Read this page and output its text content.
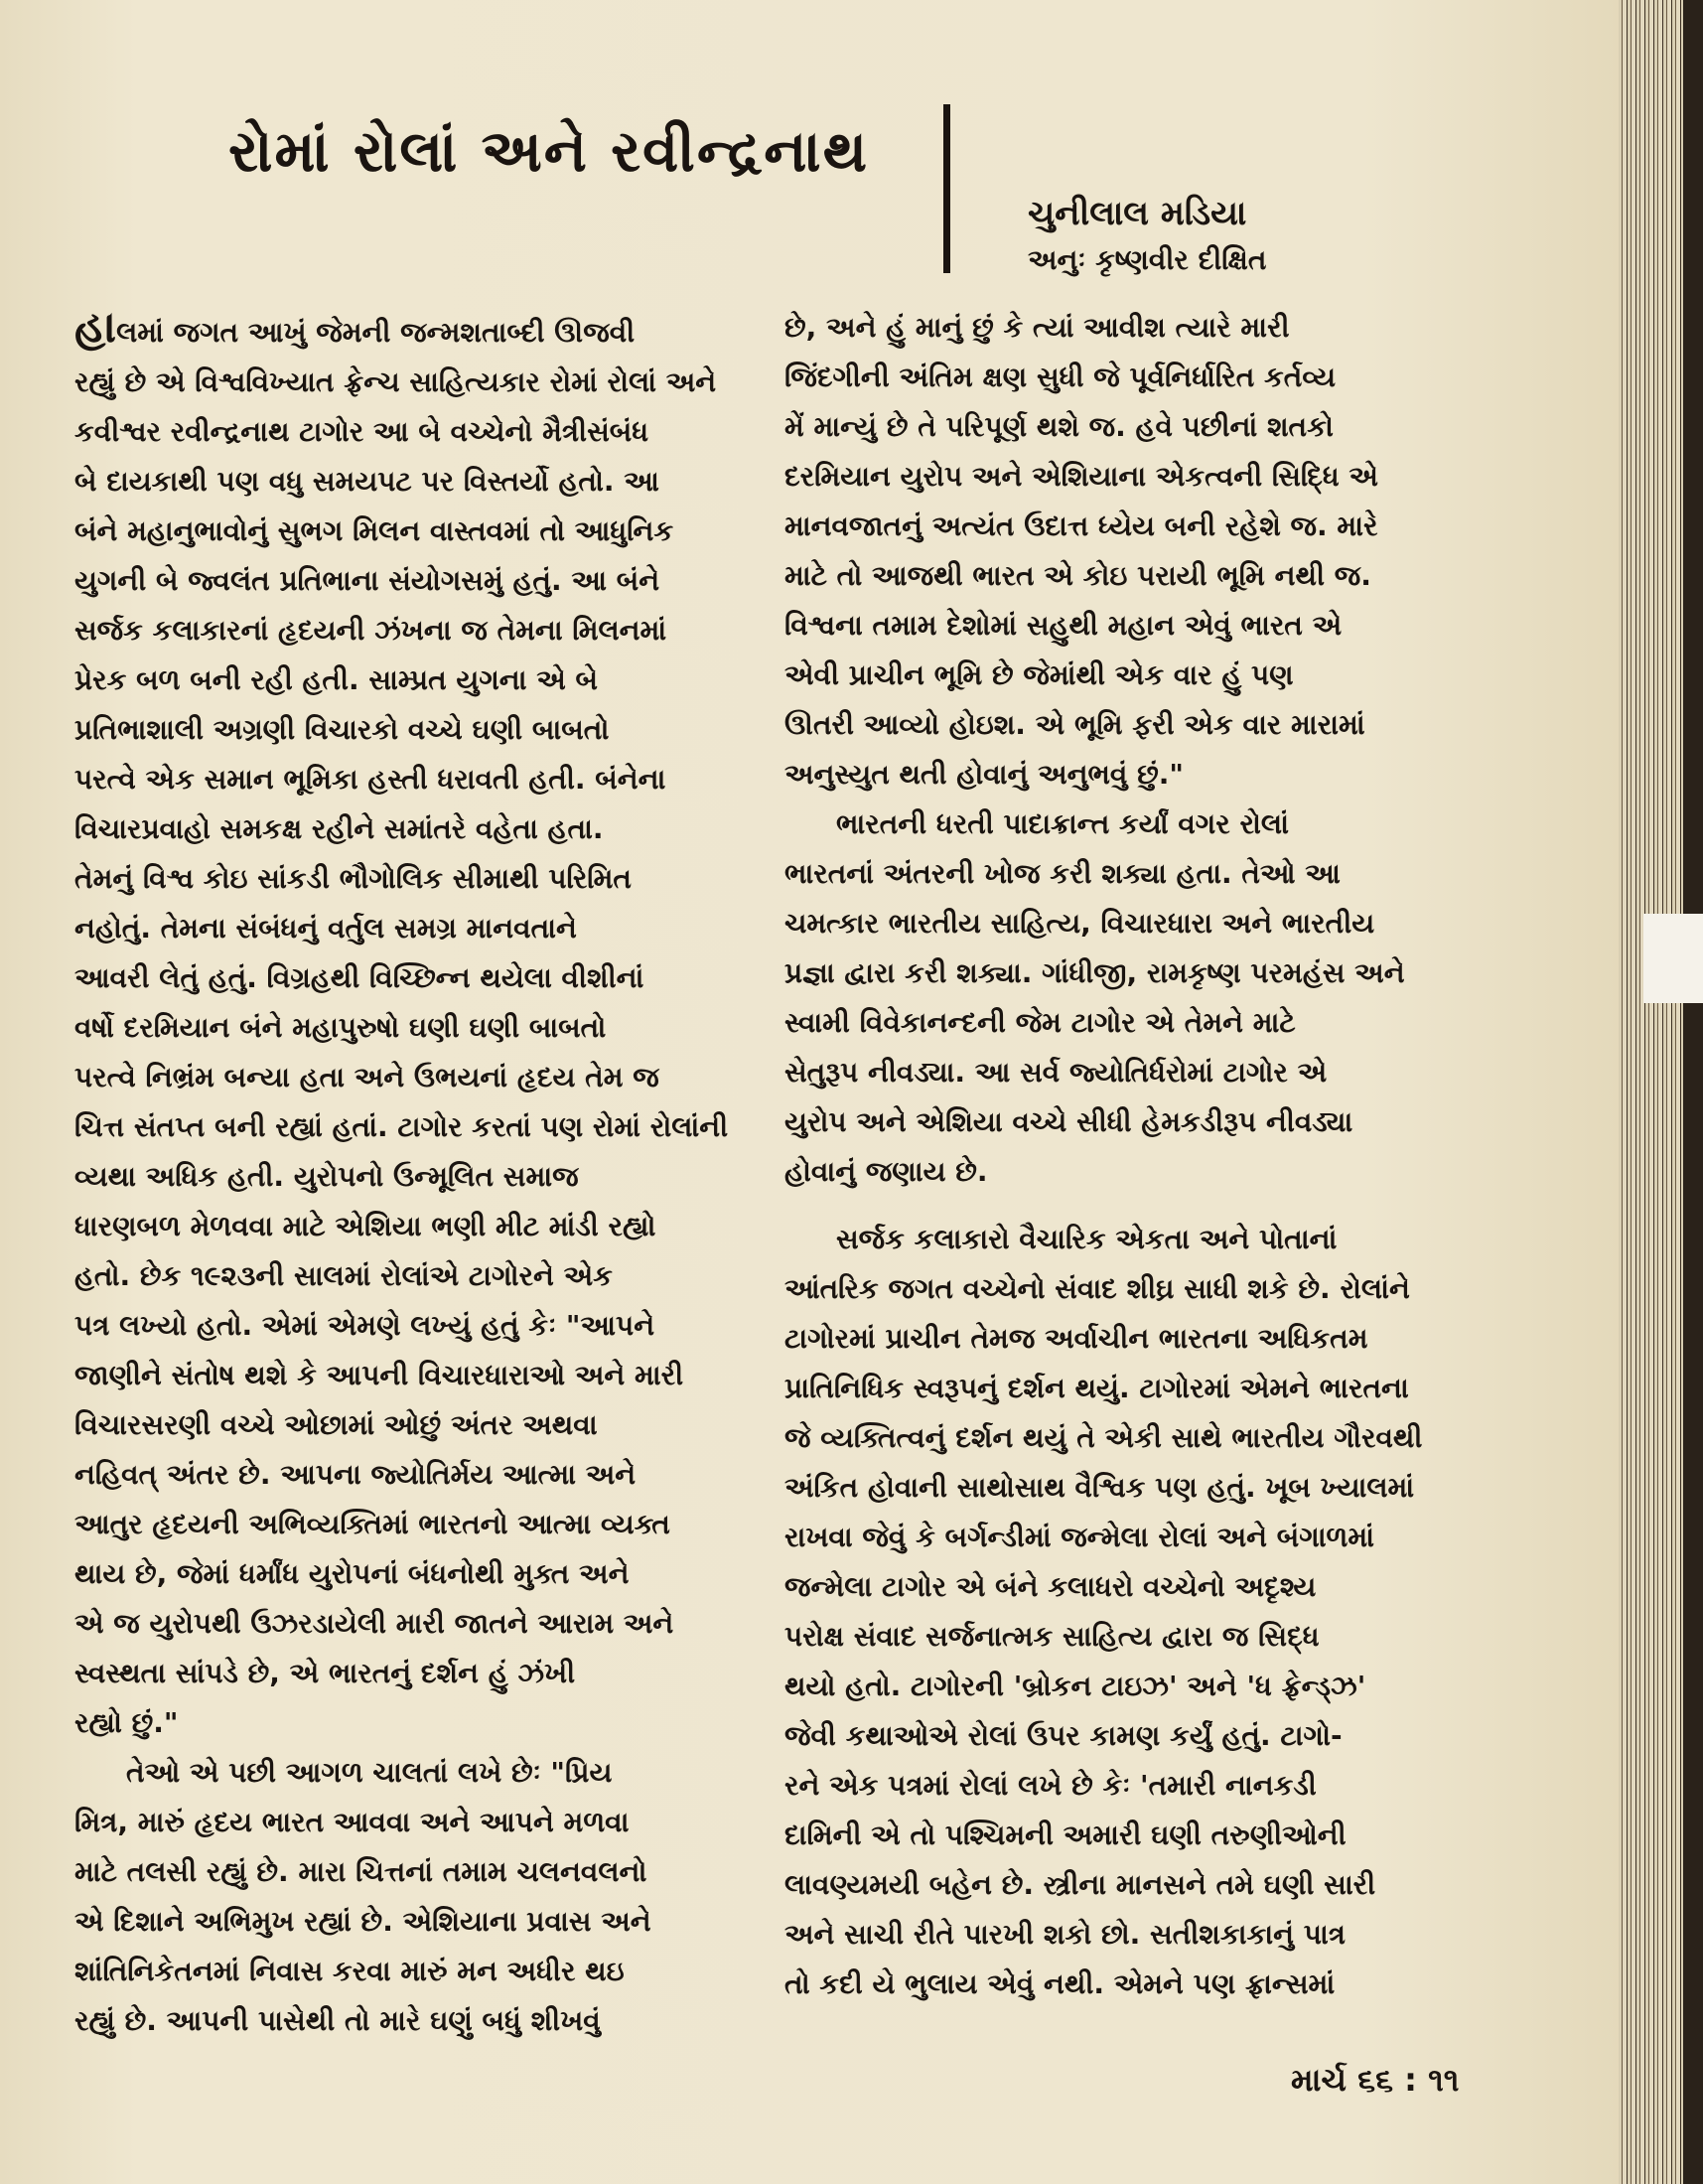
રોમાં રોલાં અને રવીન્દ્રનાથ
ચુનીલાલ મડિયા
અનુઃ કૃષ્ણવીર દીક્ષિત

હાલમાં જગત આખું જેમની જન્મશતાબ્દી ઊજવી

રહ્યું છે એ વિશ્વવિખ્યાત ફ્રેન્ચ સાહિત્યકાર રોમાં રોલાં અને

કવીશ્વર રવીન્દ્રનાથ ટાગોર આ બે વચ્ચેનો મૈત્રીસંબંધ

બે દાયકાથી પણ વધુ સમયપટ પર વિસ્તર્યો હતો. આ

બંને મહાનુભાવોનું સુભગ મિલન વાસ્તવમાં તો આધુનિક

યુગની બે જ્વલંત પ્રતિભાના સંયોગસમું હતું. આ બંને

સર્જક કલાકારનાં હૃદયની ઝંખના જ તેમના મિલનમાં

પ્રેરક બળ બની રહી હતી. સામ્પ્રત યુગના એ બે

પ્રતિભાશાલી અગ્રણી વિચારકો વચ્ચે ઘણી બાબતો

પરત્વે એક સમાન ભૂમિકા હસ્તી ધરાવતી હતી. બંનેના

વિચારપ્રવાહો સમકક્ષ રહીને સમાંતરે વહેતા હતા.

તેમનું વિશ્વ કોઇ સાંકડી ભૌગોલિક સીમાથી પરિમિત

નહોતું. તેમના સંબંધનું વર્તુલ સમગ્ર માનવતાને

આવરી લેતું હતું. વિગ્રહથી વિચ્છિન્ન થયેલા વીશીનાં

વર્ષો દરમિયાન બંને મહાપુરુષો ઘણી ઘણી બાબતો

પરત્વે નિભ્રંમ બન્યા હતા અને ઉભયનાં હૃદય તેમ જ

ચિત્ત સંતપ્ત બની રહ્યાં હતાં. ટાગોર કરતાં પણ રોમાં રોલાંની

વ્યથા અધિક હતી. યુરોપનો ઉન્મૂલિત સમાજ

ધારણબળ મેળવવા માટે એશિયા ભણી મીટ માંડી રહ્યો

હતો. છેક ૧૯૨૩ની સાલમાં રોલાંએ ટાગોરને એક

પત્ર લખ્યો હતો. એમાં એમણે લખ્યું હતું કેઃ "આપને

જાણીને સંતોષ થશે કે આપની વિચારધારાઓ અને મારી

વિચારસરણી વચ્ચે ઓછામાં ઓછું અંતર અથવા

નહિવત્ અંતર છે. આપના જ્યોતિર્મય આત્મા અને

આતુર હૃદયની અભિવ્યક્તિમાં ભારતનો આત્મા વ્યક્ત

થાય છે, જેમાં ધર્માંધ યુરોપનાં બંધનોથી મુક્ત અને

એ જ યુરોપથી ઉઝરડાયેલી મારી જાતને આરામ અને

સ્વસ્થતા સાંપડે છે, એ ભારતનું દર્શન હું ઝંખી

રહ્યો છું."

તેઓ એ પછી આગળ ચાલતાં લખે છેઃ "પ્રિય

મિત્ર, મારું હૃદય ભારત આવવા અને આપને મળવા

માટે તલસી રહ્યું છે. મારા ચિત્તનાં તમામ ચલનવલનો

એ દિશાને અભિમુખ રહ્યાં છે. એશિયાના પ્રવાસ અને

શાંતિનિકેતનમાં નિવાસ કરવા મારું મન અધીર થઇ

રહ્યું છે. આપની પાસેથી તો મારે ઘણું બધું શીખવું

છે, અને હું માનું છું કે ત્યાં આવીશ ત્યારે મારી

જિંદગીની અંતિમ ક્ષણ સુધી જે પૂર્વનિર્ધારિત કર્તવ્ય

મેં માન્યું છે તે પરિપૂર્ણ થશે જ. હવે પછીનાં શતકો

દરમિયાન યુરોપ અને એશિયાના એકત્વની સિદ્ધિ એ

માનવજાતનું અત્યંત ઉદાત્ત ધ્યેય બની રહેશે જ. મારે

માટે તો આજથી ભારત એ કોઇ પરાયી ભૂમિ નથી જ.

વિશ્વના તમામ દેશોમાં સહુથી મહાન એવું ભારત એ

એવી પ્રાચીન ભૂમિ છે જેમાંથી એક વાર હું પણ

ઊતરી આવ્યો હોઇશ. એ ભૂમિ ફરી એક વાર મારામાં

અનુસ્યુત થતી હોવાનું અનુભવું છું."

ભારતની ધરતી પાદાક્રાન્ત કર્યાં વગર રોલાં

ભારતનાં અંતરની ખોજ કરી શક્યા હતા. તેઓ આ

ચમત્કાર ભારતીય સાહિત્ય, વિચારધારા અને ભારતીય

પ્રજ્ઞા દ્વારા કરી શક્યા. ગાંધીજી, રામકૃષ્ણ પરમહંસ અને

સ્વામી વિવેકાનન્દની જેમ ટાગોર એ તેમને માટે

સેતુરૂપ નીવડ્યા. આ સર્વ જ્યોતિર્ધરોમાં ટાગોર એ

યુરોપ અને એશિયા વચ્ચે સીધી હેમકડીરૂપ નીવડ્યા

હોવાનું જણાય છે.

સર્જક કલાકારો વૈચારિક એકતા અને પોતાનાં

આંતરિક જગત વચ્ચેનો સંવાદ શીઘ્ર સાધી શકે છે. રોલાંને

ટાગોરમાં પ્રાચીન તેમજ અર્વાચીન ભારતના અધિકતમ

પ્રાતિનિધિક સ્વરૂપનું દર્શન થયું. ટાગોરમાં એમને ભારતના

જે વ્યક્તિત્વનું દર્શન થયું તે એકી સાથે ભારતીય ગૌરવથી

અંકિત હોવાની સાથોસાથ વૈશ્વિક પણ હતું. ખૂબ ખ્યાલમાં

રાખવા જેવું કે બર્ગન્ડીમાં જન્મેલા રોલાં અને બંગાળમાં

જન્મેલા ટાગોર એ બંને કલાધરો વચ્ચેનો અદૃશ્ય

પરોક્ષ સંવાદ સર્જનાત્મક સાહિત્ય દ્વારા જ સિદ્ધ

થયો હતો. ટાગોરની 'બ્રોકન ટાઇઝ' અને 'ધ ફ્રેન્ડ્ઝ'

જેવી કથાઓએ રોલાં ઉપર કામણ કર્યું હતું. ટાગો-

રને એક પત્રમાં રોલાં લખે છે કેઃ 'તમારી નાનકડી

દામિની એ તો પશ્ચિમની અમારી ઘણી તરુણીઓની

લાવણ્યમયી બહેન છે. સ્ત્રીના માનસને તમે ઘણી સારી

અને સાચી રીતે પારખી શકો છો. સતીશકાકાનું પાત્ર

તો કદી યે ભુલાય એવું નથી. એમને પણ ફ્રાન્સમાં

માર્ચ ૬૬ : ૧૧
